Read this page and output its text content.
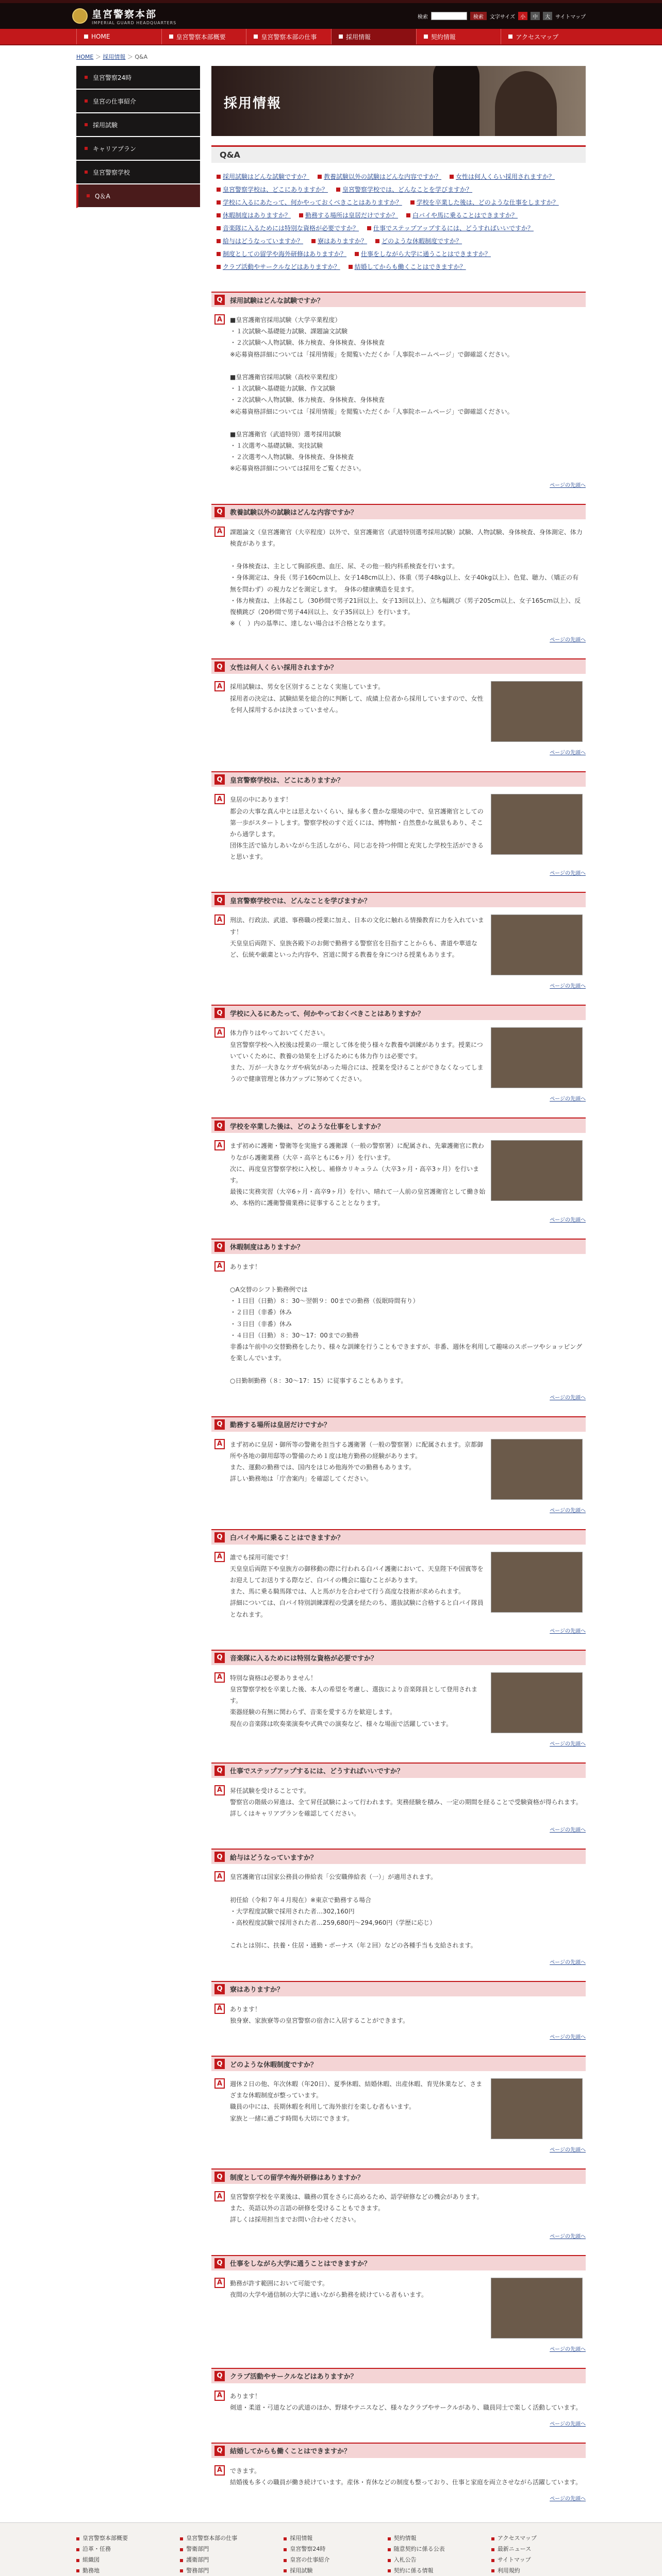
皇宮警察本部
IMPERIAL GUARD HEADQUARTERS
検索	検索	文字サイズ	小	中	大	サイトマップ
HOME	皇宮警察本部概要	皇宮警察本部の仕事	採用情報	契約情報	アクセスマップ
HOME ＞ 採用情報 ＞ Q&A
皇宮警察24時
皇宮の仕事紹介
採用試験
キャリアプラン
皇宮警察学校
Q＆A
採用情報
Q&A
採用試験はどんな試験ですか？ 教養試験以外の試験はどんな内容ですか？ 女性は何人くらい採用されますか？
皇宮警察学校は、どこにありますか？ 皇宮警察学校では、どんなことを学びますか？
学校に入るにあたって、何かやっておくべきことはありますか？ 学校を卒業した後は、どのような仕事をしますか？
休暇制度はありますか？ 勤務する場所は皇居だけですか？ 白バイや馬に乗ることはできますか？
音楽隊に入るためには特別な資格が必要ですか？ 仕事でステップアップするには、どうすればいいですか？
給与はどうなっていますか？ 寮はありますか？ どのような休暇制度ですか？
制度としての留学や海外研修はありますか？ 仕事をしながら大学に通うことはできますか？
クラブ活動やサークルなどはありますか？ 結婚してからも働くことはできますか？
Q	採用試験はどんな試験ですか？
A	■皇宮護衛官採用試験（大学卒業程度）
・１次試験へ基礎能力試験、課題論文試験
・２次試験へ人物試験、体力検査、身体検査、身体検査
※応募資格詳細については「採用情報」を閲覧いただくか「人事院ホームページ」で御確認ください。

■皇宮護衛官採用試験（高校卒業程度）
・１次試験へ基礎能力試験、作文試験
・２次試験へ人物試験、体力検査、身体検査、身体検査
※応募資格詳細については「採用情報」を閲覧いただくか「人事院ホームページ」で御確認ください。

■皇宮護衛官（武道特別）選考採用試験
・１次選考へ基礎試験、実技試験
・２次選考へ人物試験、身体検査、身体検査
※応募資格詳細については採用をご覧ください。
ページの先頭へ
Q	教養試験以外の試験はどんな内容ですか？
A	課題論文（皇宮護衛官（大卒程度）以外で、皇宮護衛官（武道特別選考採用試験）試験、人物試験、身体検査、身体測定、体力検査があります。

・身体検査は、主として胸部疾患、血圧、尿、その他一般内科系検査を行います。
・身体測定は、身長（男子160cm以上、女子148cm以上）、体重（男子48kg以上、女子40kg以上）、色覚、聴力、（矯正の有無を問わず）の視力などを測定します。　身体の健康構造を見ます。
・体力検査は、上体起こし（30秒間で男子21回以上、女子13回以上）、立ち幅跳び（男子205cm以上、女子165cm以上）、反復横跳び（20秒間で男子44回以上、女子35回以上）を行います。
※（　）内の基準に、達しない場合は不合格となります。
ページの先頭へ
Q	女性は何人くらい採用されますか？
A	採用試験は、男女を区別することなく実施しています。
採用者の決定は、試験結果を総合的に判断して、成績上位者から採用していますので、女性を何人採用するかは決まっていません。
ページの先頭へ
Q	皇宮警察学校は、どこにありますか？
A	皇居の中にあります！
都会の大事な真ん中とは思えないくらい、緑も多く豊かな環境の中で、皇宮護衛官としての第一歩がスタートします。警察学校のすぐ近くには、博物館・自然豊かな風景もあり、そこから通学します。
団体生活で協力しあいながら生活しながら、同じ志を持つ仲間と充実した学校生活ができると思います。
ページの先頭へ
Q	皇宮警察学校では、どんなことを学びますか？
A	刑法、行政法、武道、事務職の授業に加え、日本の文化に触れる情操教育に力を入れています！
天皇皇后両陛下、皇族各殿下のお側で勤務する警察官を目指すことからも、書道や華道など、伝統や厳粛といった内容や、宮道に関する教養を身につける授業もあります。
ページの先頭へ
Q	学校に入るにあたって、何かやっておくべきことはありますか？
A	体力作りはやっておいてください。
皇宮警察学校へ入校後は授業の一環として体を使う様々な教養や訓練があります。授業についていくために、教養の効果を上げるためにも体力作りは必要です。
また、万が一大きなケガや病気があった場合には、授業を受けることができなくなってしまうので健康管理と体力アップに努めてください。
ページの先頭へ
Q	学校を卒業した後は、どのような仕事をしますか？
A	まず初めに護衛・警衛等を実施する護衛課（一般の警察署）に配属され、先輩護衛官に教わりながら護衛業務（大卒・高卒ともに6ヶ月）を行います。
次に、再度皇宮警察学校に入校し、補修カリキュラム（大卒3ヶ月・高卒3ヶ月）を行います。
最後に実務実習（大卒6ヶ月・高卒9ヶ月）を行い、晴れて一人前の皇宮護衛官として働き始め、本格的に護衛警備業務に従事することとなります。
ページの先頭へ
Q	休暇制度はありますか？
A	あります！

○A交替のシフト勤務例では
・１日目（日勤）８：30～翌朝９：00までの勤務（仮眠時間有り）
・２日目（非番）休み
・３日目（非番）休み
・４日目（日勤）８：30～17：00までの勤務
非番は午前中の交替勤務をしたり、様々な訓練を行うこともできますが、非番、週休を利用して趣味のスポーツやショッピングを楽しんでいます。

○日勤制勤務（８：30～17：15）に従事することもあります。
ページの先頭へ
Q	勤務する場所は皇居だけですか？
A	まず初めに皇居・御所等の警衛を担当する護衛署（一般の警察署）に配属されます。京都御所や各地の御用邸等の警備のため１度は地方勤務の経験があります。
また、運動の勤務では、国内をはじめ他海外での勤務もあります。
詳しい勤務地は「庁舎案内」を確認してください。
ページの先頭へ
Q	白バイや馬に乗ることはできますか？
A	誰でも採用可能です！
天皇皇后両陛下や皇族方の御移動の際に行われる白バイ護衛において、天皇陛下や国賓等をお迎えしてお送りする際など、白バイの機会に臨むことがあります。
また、馬に乗る騎馬隊では、人と馬が力を合わせて行う高度な技術が求められます。
詳細については、白バイ特別訓練課程の受講を経たのち、選抜試験に合格すると白バイ隊員となれます。
ページの先頭へ
Q	音楽隊に入るためには特別な資格が必要ですか？
A	特別な資格は必要ありません！
皇宮警察学校を卒業した後、本人の希望を考慮し、選抜により音楽隊員として登用されます。
楽器経験の有無に関わらず、音楽を愛する方を歓迎します。
現在の音楽隊は吹奏楽演奏や式典での演奏など、様々な場面で活躍しています。
ページの先頭へ
Q	仕事でステップアップするには、どうすればいいですか？
A	昇任試験を受けることです。
警察官の階級の昇進は、全て昇任試験によって行われます。実務経験を積み、一定の期間を経ることで受験資格が得られます。
詳しくはキャリアプランを確認してください。
ページの先頭へ
Q	給与はどうなっていますか？
A	皇宮護衛官は国家公務員の俸給表「公安職俸給表（一）」が適用されます。

初任給（令和７年４月現在）※東京で勤務する場合
・大学程度試験で採用された者…302,160円
・高校程度試験で採用された者…259,680円～294,960円（学歴に応じ）

これとは別に、扶養・住居・通勤・ボーナス（年２回）などの各種手当も支給されます。
ページの先頭へ
Q	寮はありますか？
A	あります！
独身寮、家族寮等の皇宮警察の宿舎に入居することができます。
ページの先頭へ
Q	どのような休暇制度ですか？
A	週休２日の他、年次休暇（年20日）、夏季休暇、結婚休暇、出産休暇、育児休業など、さまざまな休暇制度が整っています。
職員の中には、長期休暇を利用して海外旅行を楽しむ者もいます。
家族と一緒に過ごす時間も大切にできます。
ページの先頭へ
Q	制度としての留学や海外研修はありますか？
A	皇宮警察学校を卒業後は、職務の質をさらに高めるため、語学研修などの機会があります。
また、英語以外の言語の研修を受けることもできます。
詳しくは採用担当までお問い合わせください。
ページの先頭へ
Q	仕事をしながら大学に通うことはできますか？
A	勤務が許す範囲において可能です。
夜間の大学や通信制の大学に通いながら勤務を続けている者もいます。
ページの先頭へ
Q	クラブ活動やサークルなどはありますか？
A	あります！
剣道・柔道・弓道などの武道のほか、野球やテニスなど、様々なクラブやサークルがあり、職員同士で楽しく活動しています。
ページの先頭へ
Q	結婚してからも働くことはできますか？
A	できます。
結婚後も多くの職員が働き続けています。産休・育休などの制度も整っており、仕事と家庭を両立させながら活躍しています。
ページの先頭へ
皇宮警察本部概要
沿革・任務
組織図
勤務地
皇宮警察本部の仕事
警衛部門
護衛部門
警務部門
採用情報
皇宮警察24時
皇宮の仕事紹介
採用試験
契約情報
随意契約に係る公表
入札公告
契約に係る情報
アクセスマップ
最新ニュース
サイトマップ
利用規約
